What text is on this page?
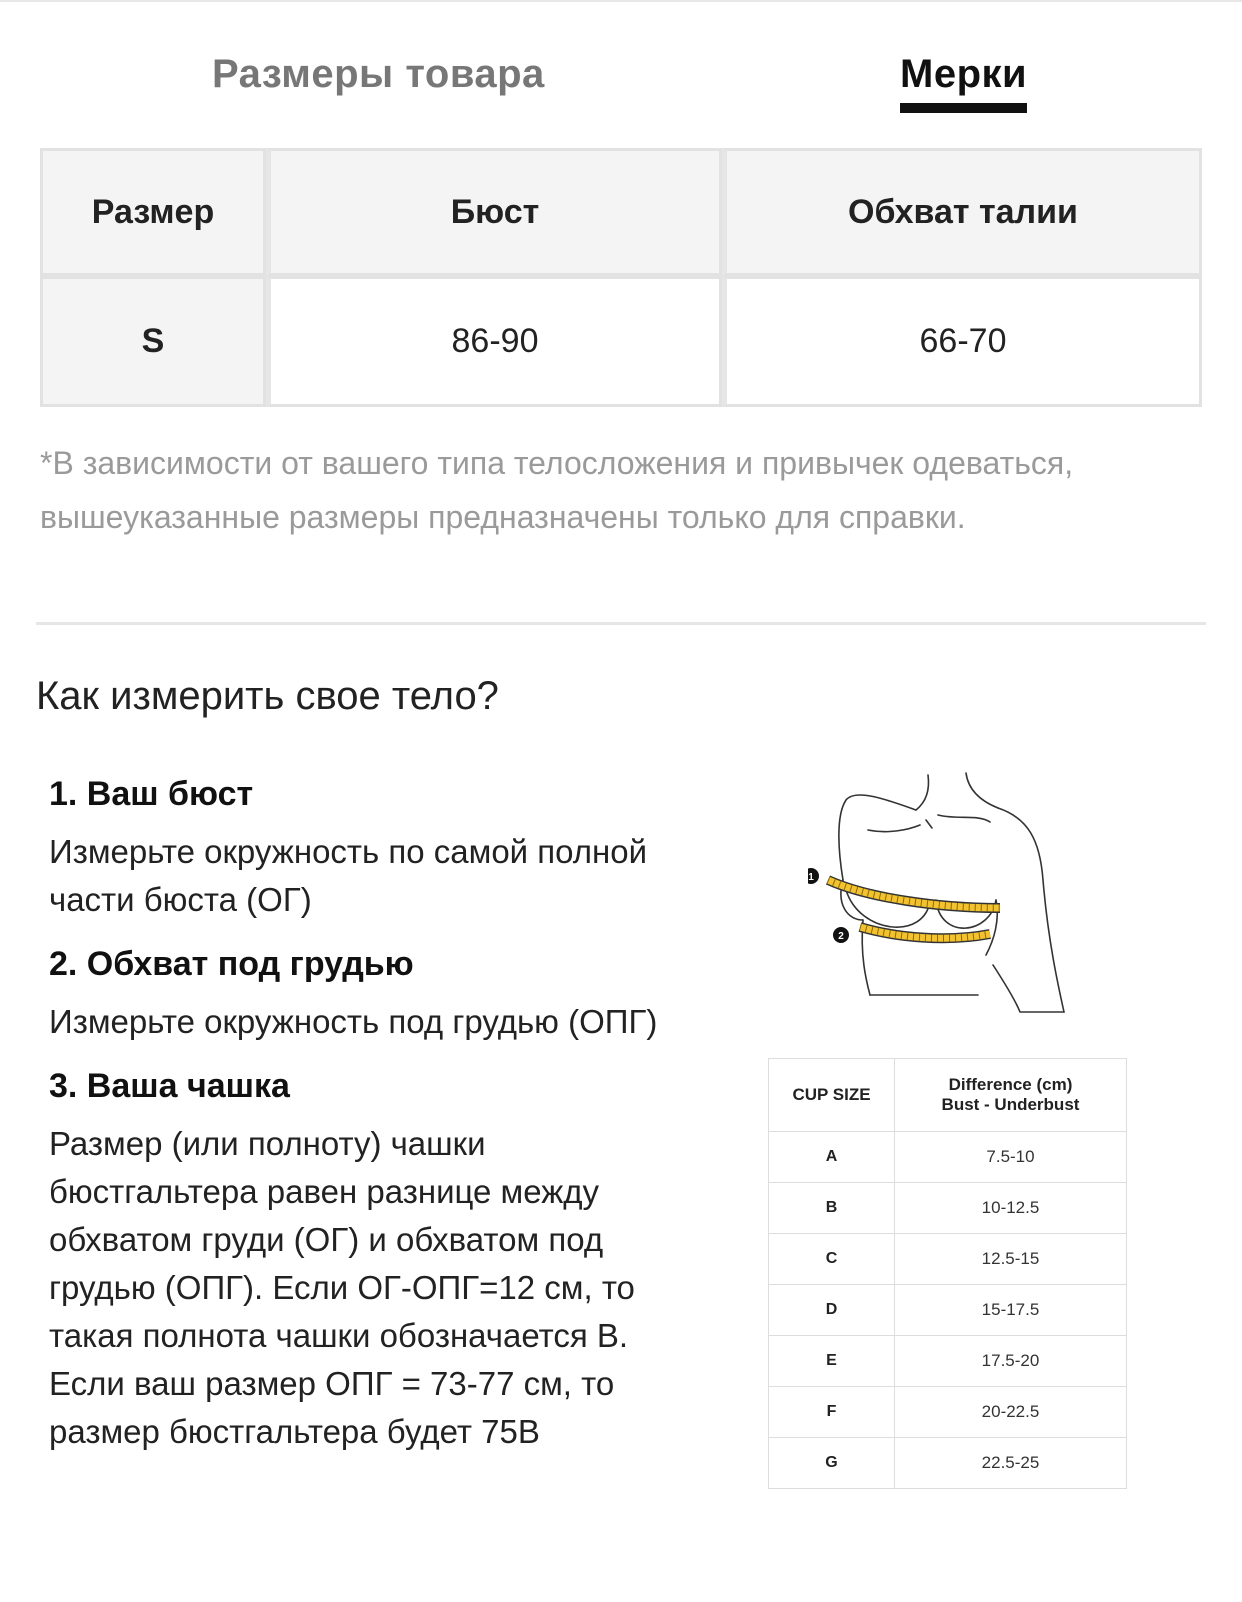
Размеры товара	Мерки
Размер	Бюст	Обхват талии
S	86-90	66-70
*В зависимости от вашего типа телосложения и привычек одеваться, вышеуказанные размеры предназначены только для справки.
Как измерить свое тело?
1. Ваш бюст
Измерьте окружность по самой полной части бюста (ОГ)
2. Обхват под грудью
Измерьте окружность под грудью (ОПГ)
3. Ваша чашка
Размер (или полноту) чашки бюстгальтера равен разнице между обхватом груди (ОГ) и обхватом под грудью (ОПГ). Если ОГ-ОПГ=12 см, то такая полнота чашки обозначается B. Если ваш размер ОПГ = 73-77 см, то размер бюстгальтера будет 75B
1
2
CUP SIZE	Difference (cm)
Bust - Underbust
A	7.5-10
B	10-12.5
C	12.5-15
D	15-17.5
E	17.5-20
F	20-22.5
G	22.5-25
